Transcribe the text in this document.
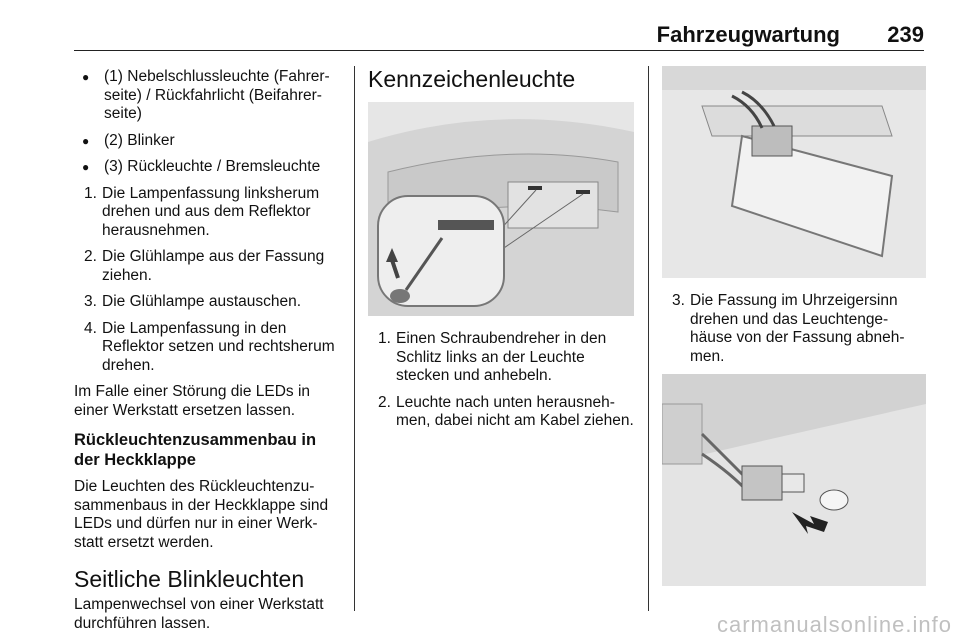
Fahrzeugwartung 239
● (1) Nebelschlussleuchte (Fahrer-seite) / Rückfahrlicht (Beifahrer-seite)
● (2) Blinker
● (3) Rückleuchte / Bremsleuchte
1. Die Lampenfassung linksherum drehen und aus dem Reflektor herausnehmen.
2. Die Glühlampe aus der Fassung ziehen.
3. Die Glühlampe austauschen.
4. Die Lampenfassung in den Reflektor setzen und rechtsherum drehen.

Im Falle einer Störung die LEDs in einer Werkstatt ersetzen lassen.

Rückleuchtenzusammenbau in der Heckklappe

Die Leuchten des Rückleuchtenzu-sammenbaus in der Heckklappe sind LEDs und dürfen nur in einer Werk-statt ersetzt werden.

Seitliche Blinkleuchten

Lampenwechsel von einer Werkstatt durchführen lassen.

Kennzeichenleuchte
1. Einen Schraubendreher in den Schlitz links an der Leuchte stecken und anhebeln.
2. Leuchte nach unten herausneh-men, dabei nicht am Kabel ziehen.
3. Die Fassung im Uhrzeigersinn drehen und das Leuchtenge-häuse von der Fassung abneh-men.
carmanualsonline.info
